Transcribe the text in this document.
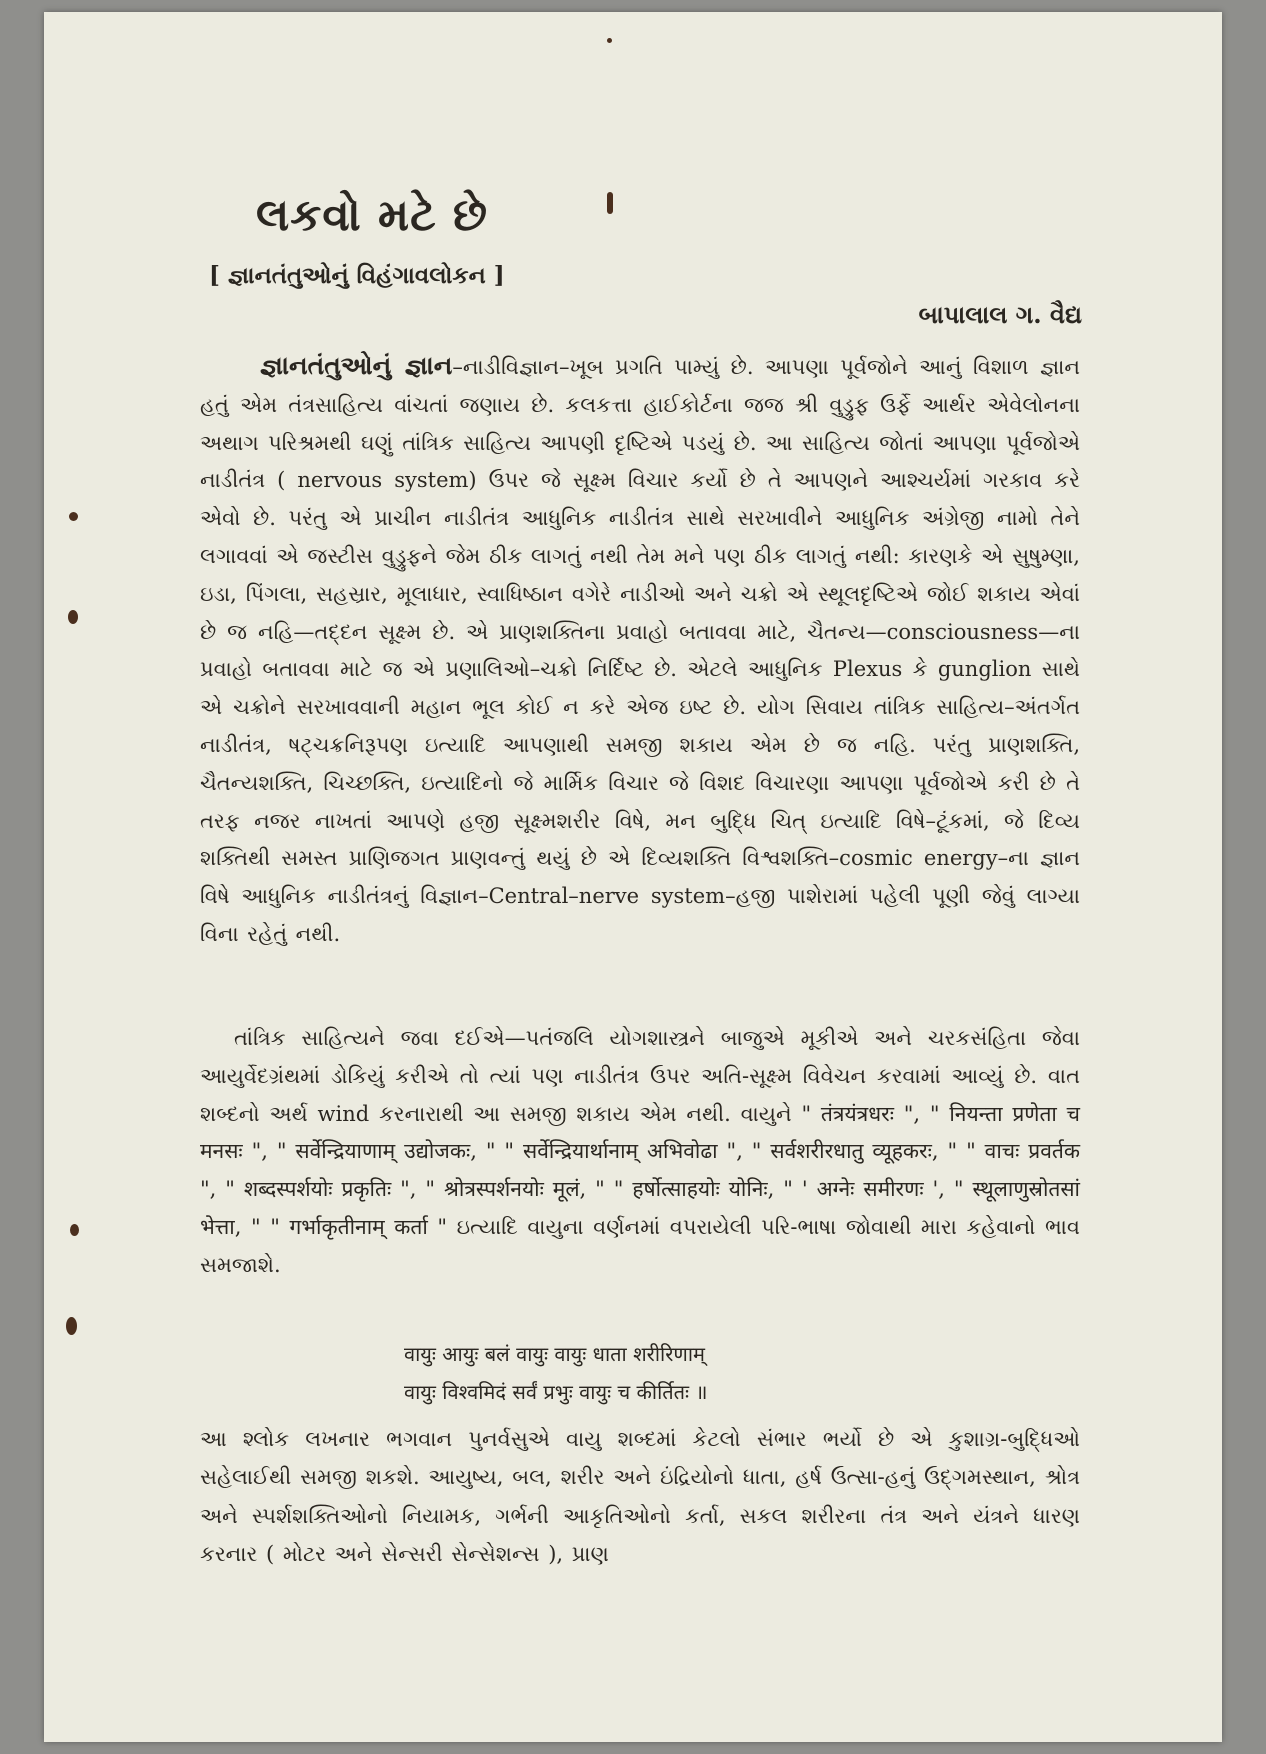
લકવો મટે છે
[ જ્ઞાનતંતુઓનું વિહંગાવલોકન ]
બાપાલાલ ગ. વૈદ્ય
જ્ઞાનતંતુઓનું જ્ઞાન–નાડીવિજ્ઞાન–ખૂબ પ્રગતિ પામ્યું છે. આપણા પૂર્વજોને આનું વિશાળ જ્ઞાન હતું એમ તંત્રસાહિત્ય વાંચતાં જણાય છે. કલકત્તા હાઈકોર્ટના જજ શ્રી વુડ્રુફ ઉર્ફે આર્થર એવેલોનના અથાગ પરિશ્રમથી ઘણું તાંત્રિક સાહિત્ય આપણી દૃષ્ટિએ પડયું છે. આ સાહિત્ય જોતાં આપણા પૂર્વજોએ નાડીતંત્ર ( nervous system) ઉપર જે સૂક્ષ્મ વિચાર કર્યો છે તે આપણને આશ્ચર્યમાં ગરકાવ કરે એવો છે. પરંતુ એ પ્રાચીન નાડીતંત્ર આધુનિક નાડીતંત્ર સાથે સરખાવીને આધુનિક અંગ્રેજી નામો તેને લગાવવાં એ જસ્ટીસ વુડ્રુફને જેમ ઠીક લાગતું નથી તેમ મને પણ ઠીક લાગતું નથી: કારણકે એ સુષુમ્ણા, ઇડા, પિંગલા, સહસ્રાર, મૂલાધાર, સ્વાધિષ્ઠાન વગેરે નાડીઓ અને ચક્રો એ સ્થૂલદૃષ્ટિએ જોઈ શકાય એવાં છે જ નહિ—તદ્દન સૂક્ષ્મ છે. એ પ્રાણશક્તિના પ્રવાહો બતાવવા માટે, ચૈતન્ય—consciousness—ના પ્રવાહો બતાવવા માટે જ એ પ્રણાલિઓ–ચક્રો નિર્દિષ્ટ છે. એટલે આધુનિક Plexus કે gunglion સાથે એ ચક્રોને સરખાવવાની મહાન ભૂલ કોઈ ન કરે એજ ઇષ્ટ છે. યોગ સિવાય તાંત્રિક સાહિત્ય–અંતર્ગત નાડીતંત્ર, ષટ્ચક્રનિરૂપણ ઇત્યાદિ આપણાથી સમજી શકાય એમ છે જ નહિ. પરંતુ પ્રાણશક્તિ, ચૈતન્યશક્તિ, ચિચ્છક્તિ, ઇત્યાદિનો જે માર્મિક વિચાર જે વિશદ વિચારણા આપણા પૂર્વજોએ કરી છે તે તરફ નજર નાખતાં આપણે હજી સૂક્ષ્મશરીર વિષે, મન બુદ્ધિ ચિત્ ઇત્યાદિ વિષે–ટૂંકમાં, જે દિવ્ય શક્તિથી સમસ્ત પ્રાણિજગત પ્રાણવન્તું થયું છે એ દિવ્યશક્તિ વિશ્વશક્તિ–cosmic energy–ના જ્ઞાન વિષે આધુનિક નાડીતંત્રનું વિજ્ઞાન–Central–nerve system–હજી પાશેરામાં પહેલી પૂણી જેવું લાગ્યા વિના રહેતું નથી.
તાંત્રિક સાહિત્યને જવા દઈએ—પતંજલિ યોગશાસ્ત્રને બાજુએ મૂકીએ અને ચરકસંહિતા જેવા આયુર્વેદગ્રંથમાં ડોકિયું કરીએ તો ત્યાં પણ નાડીતંત્ર ઉપર અતિ-સૂક્ષ્મ વિવેચન કરવામાં આવ્યું છે. વાત શબ્દનો અર્થ wind કરનારાથી આ સમજી શકાય એમ નથી. વાયુને " तंत्रयंत्रधरः ", " नियन्ता प्रणेता च मनसः ", " सर्वेन्द्रियाणाम् उद्योजकः, " " सर्वेन्द्रियार्थानाम् अभिवोढा ", " सर्वशरीरधातु व्यूहकरः, " " वाचः प्रवर्तक ", " शब्दस्पर्शयोः प्रकृतिः ", " श्रोत्रस्पर्शनयोः मूलं, " " हर्षोत्साहयोः योनिः, " ' अग्नेः समीरणः ', " स्थूलाणुस्रोतसां भेत्ता, " " गर्भाकृतीनाम् कर्ता " ઇત્યાદિ વાયુના વર્ણનમાં વપરાયેલી પરિ-ભાષા જોવાથી મારા કહેવાનો ભાવ સમજાશે.
वायुः आयुः बलं वायुः वायुः धाता शरीरिणाम्
वायुः विश्वमिदं सर्वं प्रभुः वायुः च कीर्तितः ॥
આ શ્લોક લખનાર ભગવાન પુનર્વસુએ વાયુ શબ્દમાં કેટલો સંભાર ભર્યો છે એ કુશાગ્ર-બુદ્ધિઓ સહેલાઈથી સમજી શકશે. આયુષ્ય, બલ, શરીર અને ઇંદ્રિયોનો ધાતા, હર્ષ ઉત્સા-હનું ઉદ્ગમસ્થાન, શ્રોત્ર અને સ્પર્શશક્તિઓનો નિયામક, ગર્ભની આકૃતિઓનો કર્તા, સકલ શરીરના તંત્ર અને યંત્રને ધારણ કરનાર ( મોટર અને સેન્સરી સેન્સેશન્સ ), પ્રાણ
